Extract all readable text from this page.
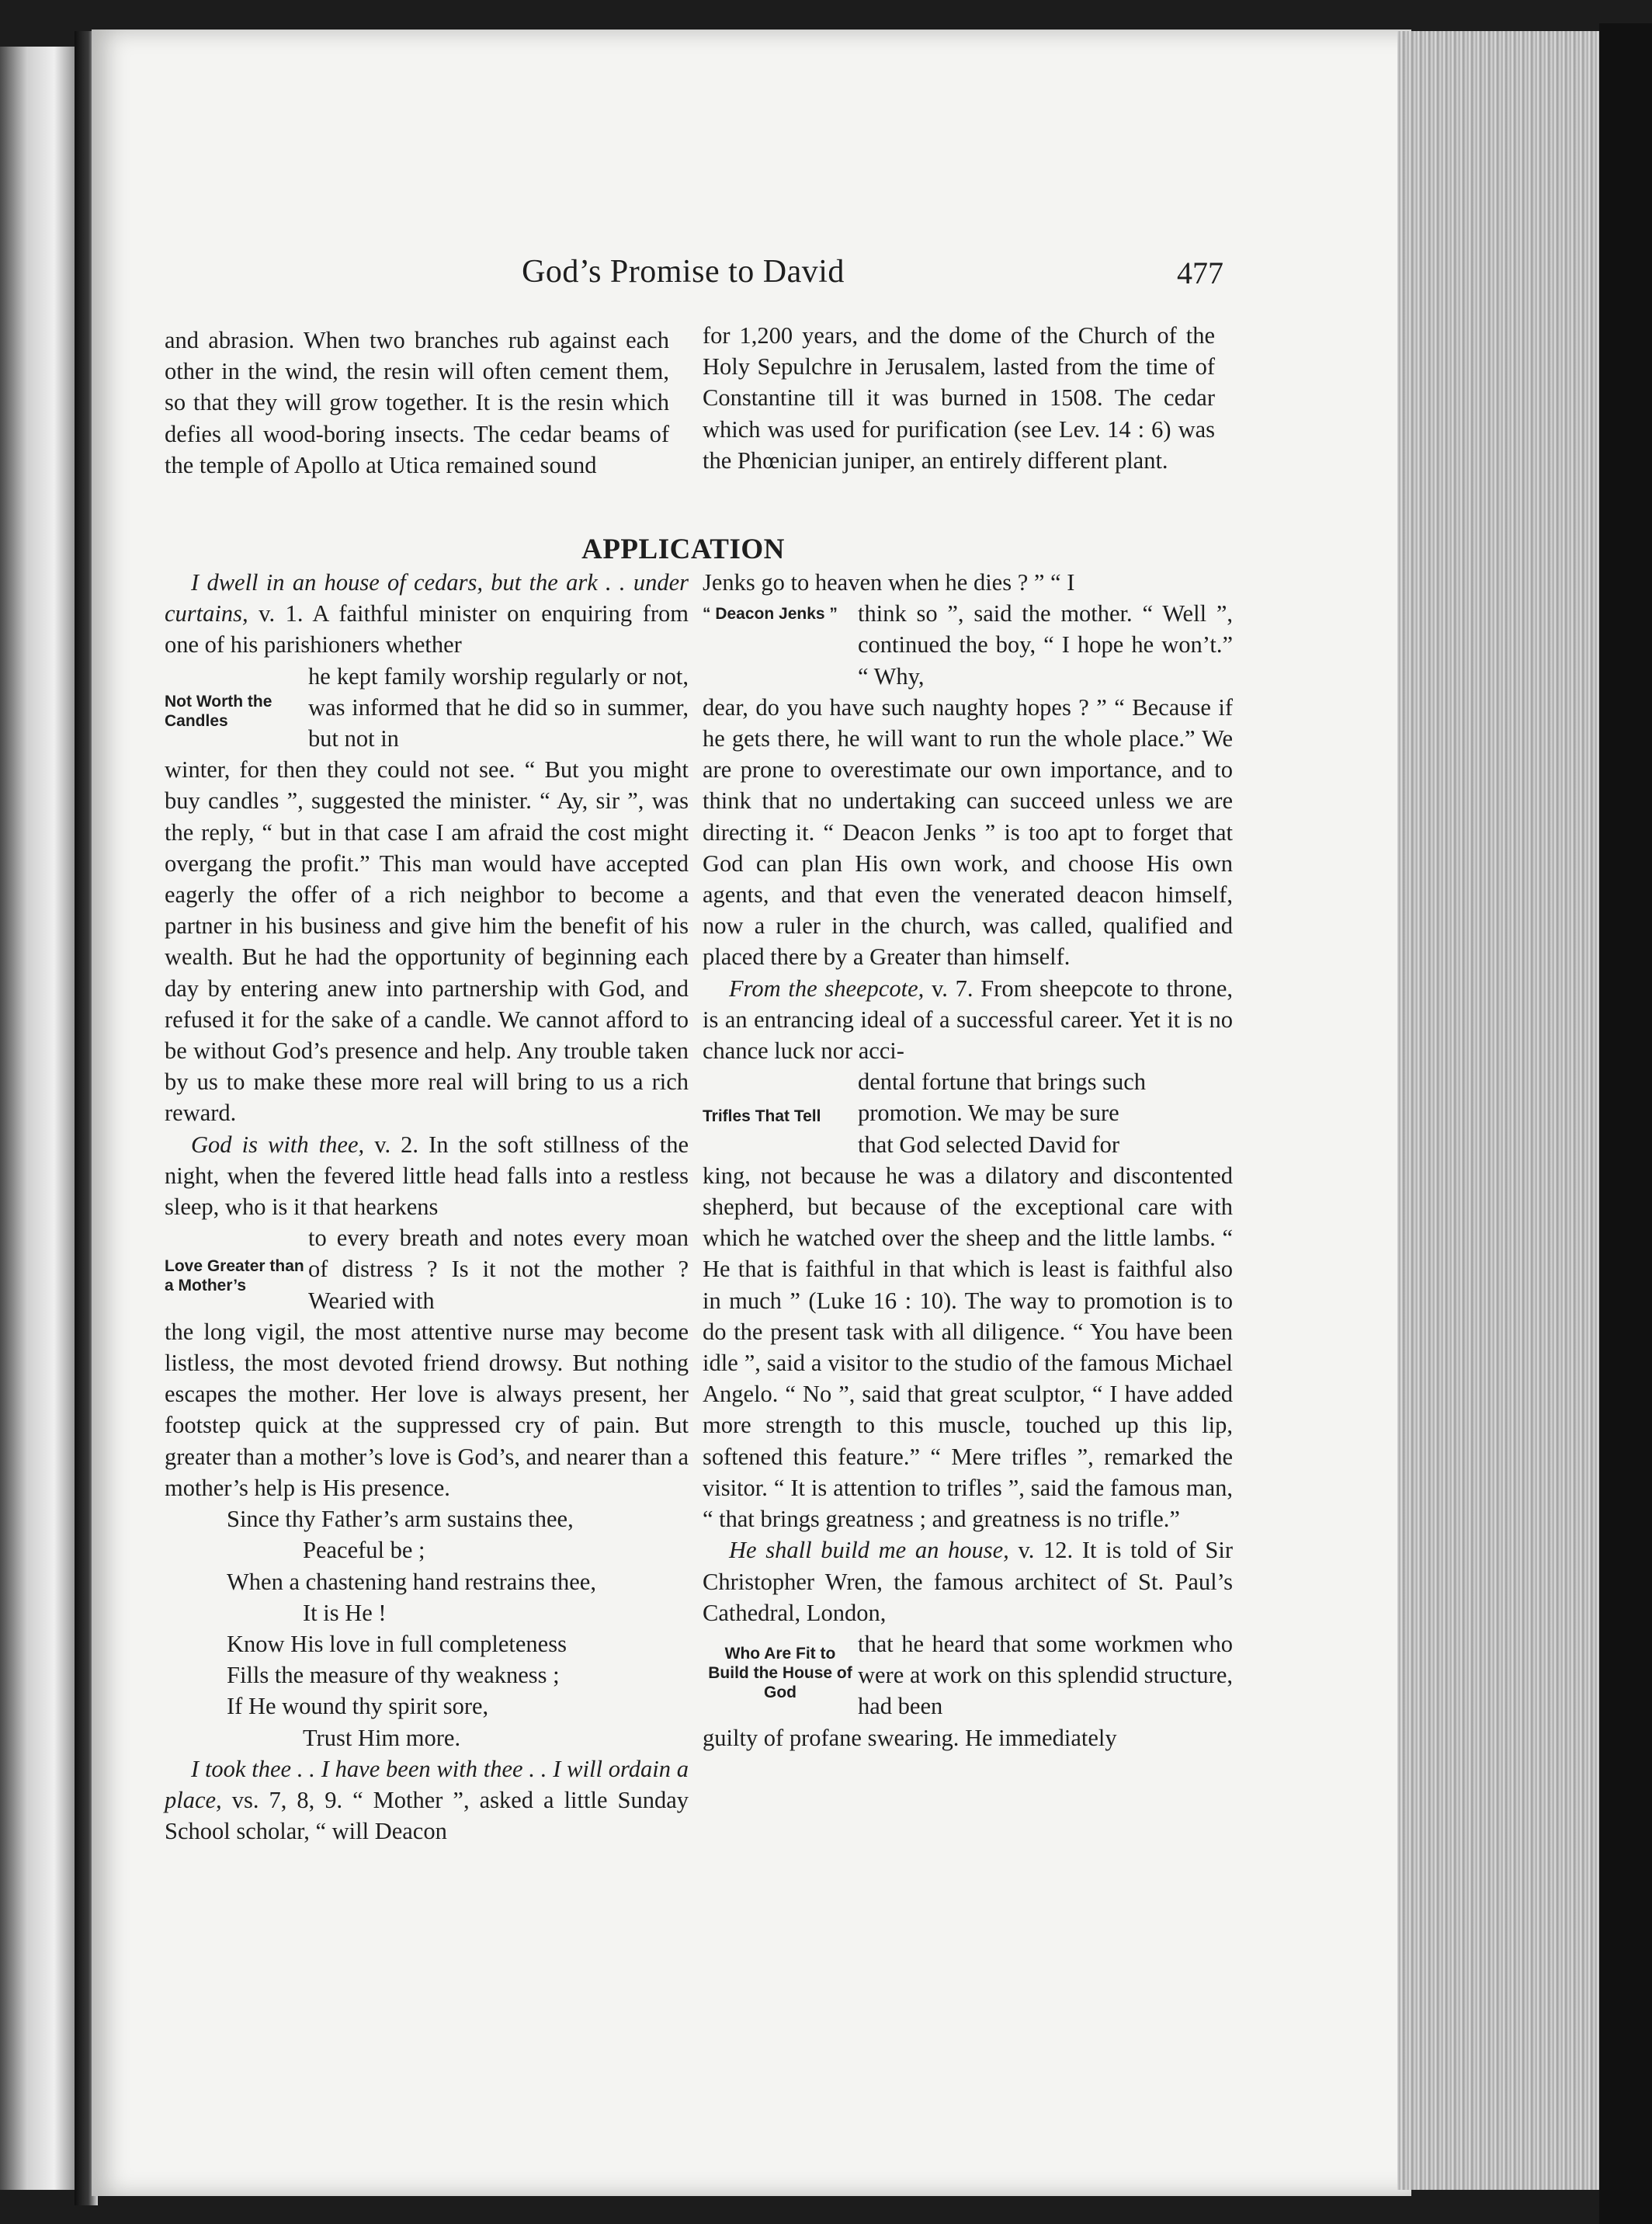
God’s Promise to David	477

and abrasion. When two branches rub against each other in the wind, the resin will often cement them, so that they will grow together. It is the resin which defies all wood-boring insects. The cedar beams of the temple of Apollo at Utica remained sound

for 1,200 years, and the dome of the Church of the Holy Sepulchre in Jerusalem, lasted from the time of Constantine till it was burned in 1508. The cedar which was used for purification (see Lev. 14 : 6) was the Phœnician juniper, an entirely different plant.

APPLICATION

I dwell in an house of cedars, but the ark . . under curtains, v. 1. A faithful minister on enquiring from one of his parishioners whether

Not Worth the Candles
he kept family worship regularly or not, was informed that he did so in summer, but not in

winter, for then they could not see. “ But you might buy candles ”, suggested the minister. “ Ay, sir ”, was the reply, “ but in that case I am afraid the cost might overgang the profit.” This man would have accepted eagerly the offer of a rich neighbor to become a partner in his business and give him the benefit of his wealth. But he had the opportunity of beginning each day by entering anew into partnership with God, and refused it for the sake of a candle. We cannot afford to be without God’s presence and help. Any trouble taken by us to make these more real will bring to us a rich reward.

God is with thee, v. 2. In the soft stillness of the night, when the fevered little head falls into a restless sleep, who is it that hearkens

Love Greater than a Mother’s
to every breath and notes every moan of distress ? Is it not the mother ? Wearied with

the long vigil, the most attentive nurse may become listless, the most devoted friend drowsy. But nothing escapes the mother. Her love is always present, her footstep quick at the suppressed cry of pain. But greater than a mother’s love is God’s, and nearer than a mother’s help is His presence.

Since thy Father’s arm sustains thee,
Peaceful be ;
When a chastening hand restrains thee,
It is He !
Know His love in full completeness
Fills the measure of thy weakness ;
If He wound thy spirit sore,
Trust Him more.

I took thee . . I have been with thee . . I will ordain a place, vs. 7, 8, 9. “ Mother ”, asked a little Sunday School scholar, “ will Deacon

Jenks go to heaven when he dies ? ” “ I

“ Deacon Jenks ” think so ”, said the mother. “ Well ”, continued the boy, “ I hope he won’t.” “ Why,

dear, do you have such naughty hopes ? ” “ Because if he gets there, he will want to run the whole place.” We are prone to overestimate our own importance, and to think that no undertaking can succeed unless we are directing it. “ Deacon Jenks ” is too apt to forget that God can plan His own work, and choose His own agents, and that even the venerated deacon himself, now a ruler in the church, was called, qualified and placed there by a Greater than himself.

From the sheepcote, v. 7. From sheepcote to throne, is an entrancing ideal of a successful career. Yet it is no chance luck nor acci-

dental fortune that brings such
Trifles That Tell	promotion. We may be sure
that God selected David for

king, not because he was a dilatory and discontented shepherd, but because of the exceptional care with which he watched over the sheep and the little lambs. “ He that is faithful in that which is least is faithful also in much ” (Luke 16 : 10). The way to promotion is to do the present task with all diligence. “ You have been idle ”, said a visitor to the studio of the famous Michael Angelo. “ No ”, said that great sculptor, “ I have added more strength to this muscle, touched up this lip, softened this feature.” “ Mere trifles ”, remarked the visitor. “ It is attention to trifles ”, said the famous man, “ that brings greatness ; and greatness is no trifle.”

He shall build me an house, v. 12. It is told of Sir Christopher Wren, the famous architect of St. Paul’s Cathedral, London,

Who Are Fit to Build the House of God
that he heard that some workmen who were at work on this splendid structure, had been

guilty of profane swearing. He immediately
